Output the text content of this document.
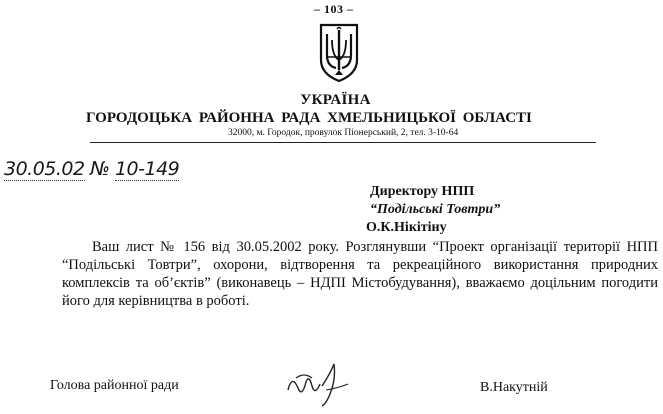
– 103 –
УКРАЇНА
ГОРОДОЦЬКА РАЙОННА РАДА ХМЕЛЬНИЦЬКОЇ ОБЛАСТІ
32000, м. Городок, провулок Піонерський, 2, тел. 3-10-64
30.05.02 № 10-149
Директору НПП
“Подільські Товтри”
О.К.Нікітіну
Ваш лист № 156 від 30.05.2002 року. Розглянувши “Проект організації території НПП “Подільські Товтри”, охорони, відтворення та рекреаційного використання природних комплексів та об’єктів” (виконавець – НДПІ Містобудування), вважаємо доцільним погодити його для керівництва в роботі.
Голова районної ради	В.Накутній
